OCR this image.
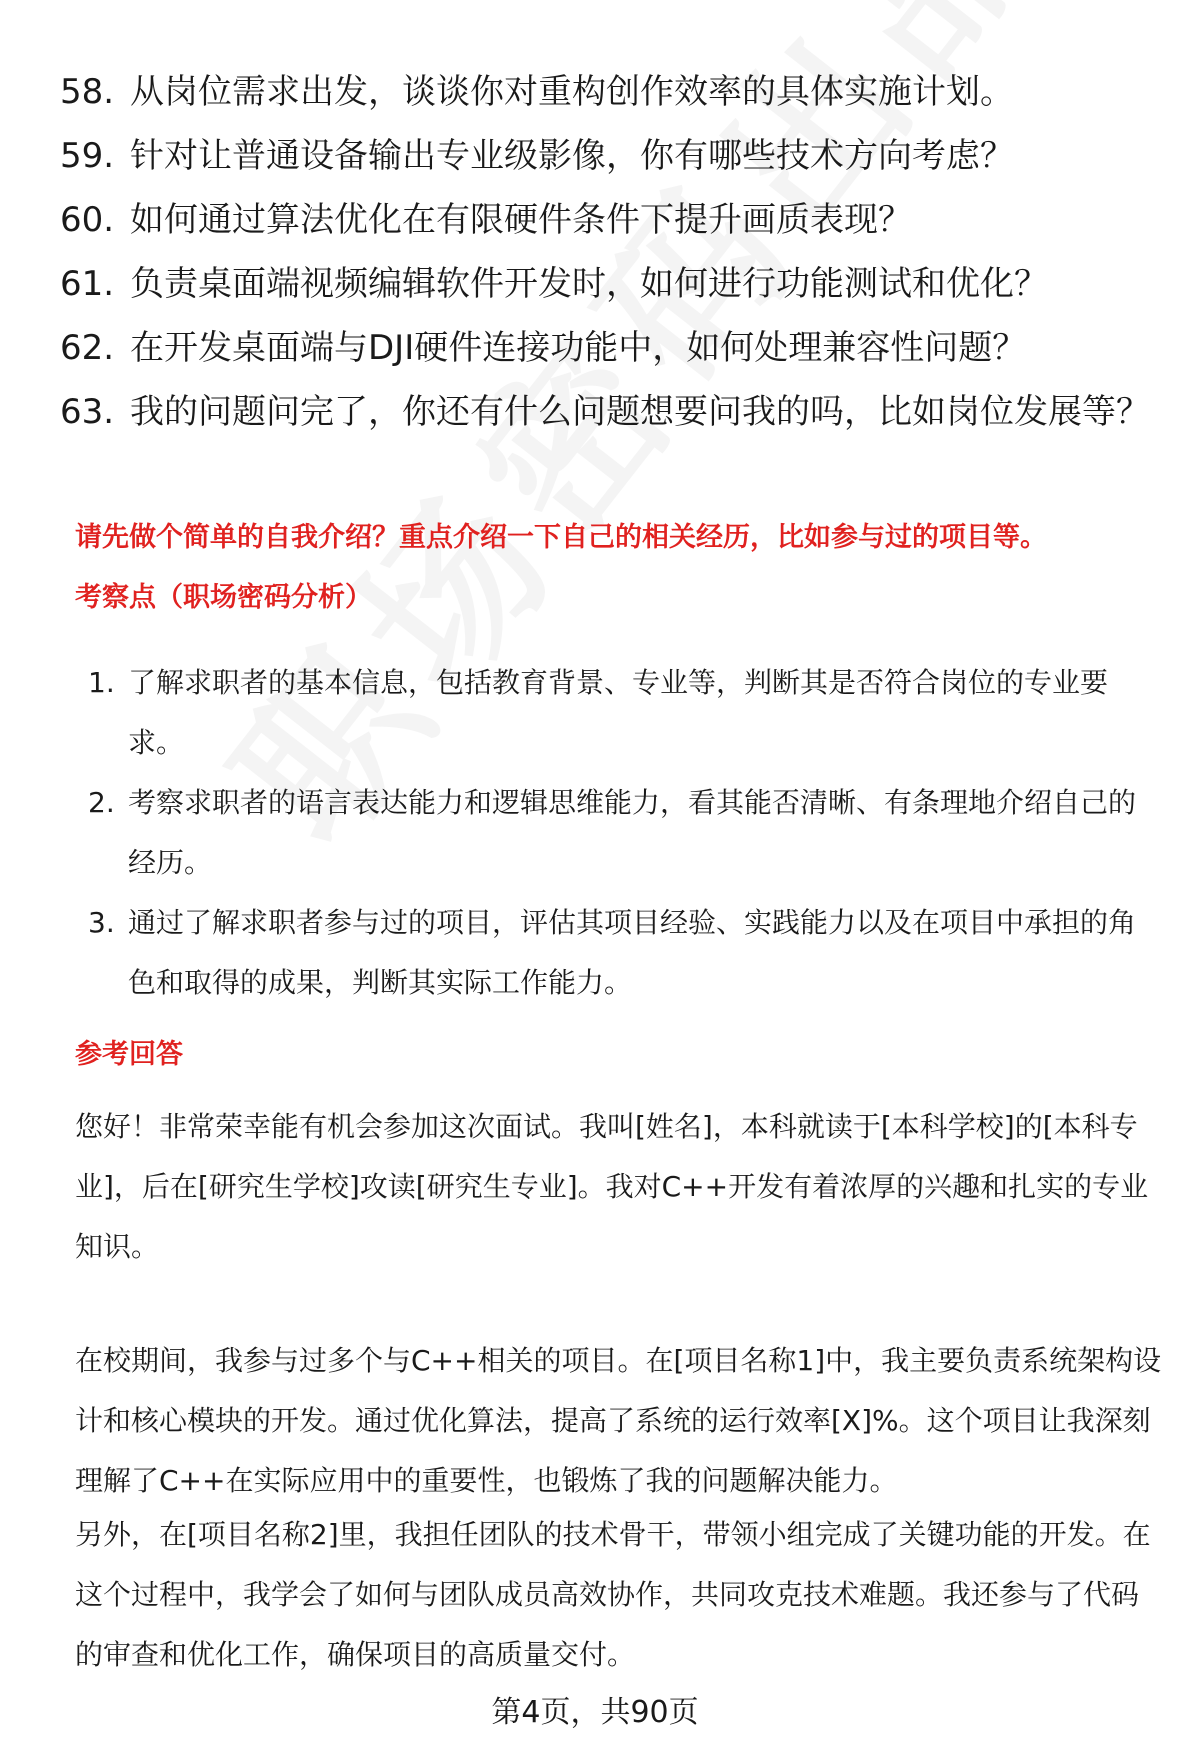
58. 从岗位需求出发，谈谈你对重构创作效率的具体实施计划。
59. 针对让普通设备输出专业级影像，你有哪些技术方向考虑？
60. 如何通过算法优化在有限硬件条件下提升画质表现？
61. 负责桌面端视频编辑软件开发时，如何进行功能测试和优化？
62. 在开发桌面端与DJI硬件连接功能中，如何处理兼容性问题？
63. 我的问题问完了，你还有什么问题想要问我的吗，比如岗位发展等？
请先做个简单的自我介绍？重点介绍一下自己的相关经历，比如参与过的项目等。
考察点（职场密码分析）
1. 了解求职者的基本信息，包括教育背景、专业等，判断其是否符合岗位的专业要求。
2. 考察求职者的语言表达能力和逻辑思维能力，看其能否清晰、有条理地介绍自己的经历。
3. 通过了解求职者参与过的项目，评估其项目经验、实践能力以及在项目中承担的角色和取得的成果，判断其实际工作能力。
参考回答
您好！非常荣幸能有机会参加这次面试。我叫[姓名]，本科就读于[本科学校]的[本科专业]，后在[研究生学校]攻读[研究生专业]。我对C++开发有着浓厚的兴趣和扎实的专业知识。
在校期间，我参与过多个与C++相关的项目。在[项目名称1]中，我主要负责系统架构设计和核心模块的开发。通过优化算法，提高了系统的运行效率[X]%。这个项目让我深刻理解了C++在实际应用中的重要性，也锻炼了我的问题解决能力。
另外，在[项目名称2]里，我担任团队的技术骨干，带领小组完成了关键功能的开发。在这个过程中，我学会了如何与团队成员高效协作，共同攻克技术难题。我还参与了代码的审查和优化工作，确保项目的高质量交付。
第4页，共90页
